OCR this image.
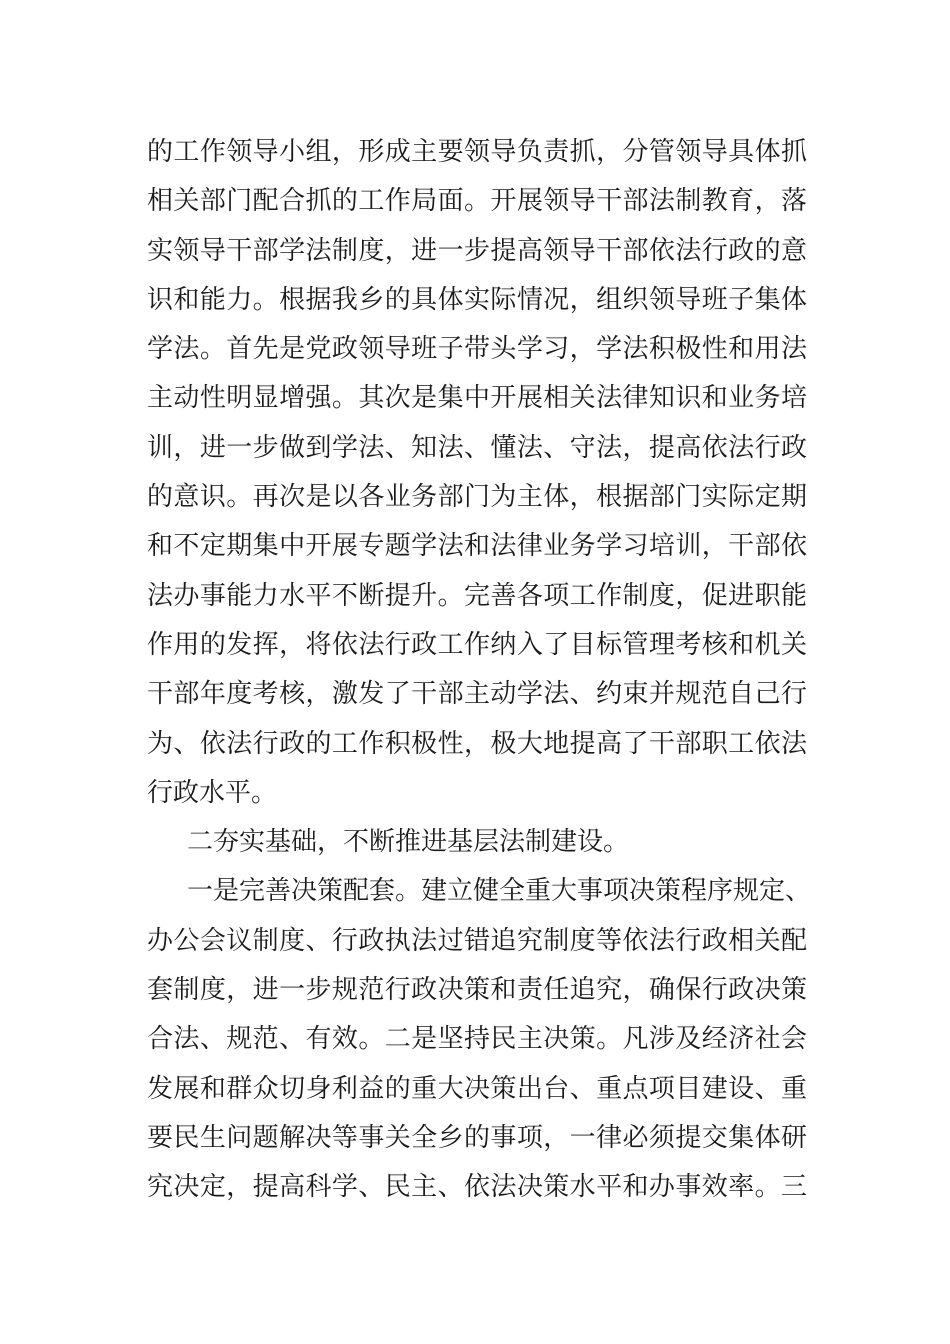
的工作领导小组，形成主要领导负责抓，分管领导具体抓
相关部门配合抓的工作局面。开展领导干部法制教育，落
实领导干部学法制度，进一步提高领导干部依法行政的意
识和能力。根据我乡的具体实际情况，组织领导班子集体
学法。首先是党政领导班子带头学习，学法积极性和用法
主动性明显增强。其次是集中开展相关法律知识和业务培
训，进一步做到学法、知法、懂法、守法，提高依法行政
的意识。再次是以各业务部门为主体，根据部门实际定期
和不定期集中开展专题学法和法律业务学习培训，干部依
法办事能力水平不断提升。完善各项工作制度，促进职能
作用的发挥，将依法行政工作纳入了目标管理考核和机关
干部年度考核，激发了干部主动学法、约束并规范自己行
为、依法行政的工作积极性，极大地提高了干部职工依法
行政水平。
二夯实基础，不断推进基层法制建设。
一是完善决策配套。建立健全重大事项决策程序规定、
办公会议制度、行政执法过错追究制度等依法行政相关配
套制度，进一步规范行政决策和责任追究，确保行政决策
合法、规范、有效。二是坚持民主决策。凡涉及经济社会
发展和群众切身利益的重大决策出台、重点项目建设、重
要民生问题解决等事关全乡的事项，一律必须提交集体研
究决定，提高科学、民主、依法决策水平和办事效率。三
